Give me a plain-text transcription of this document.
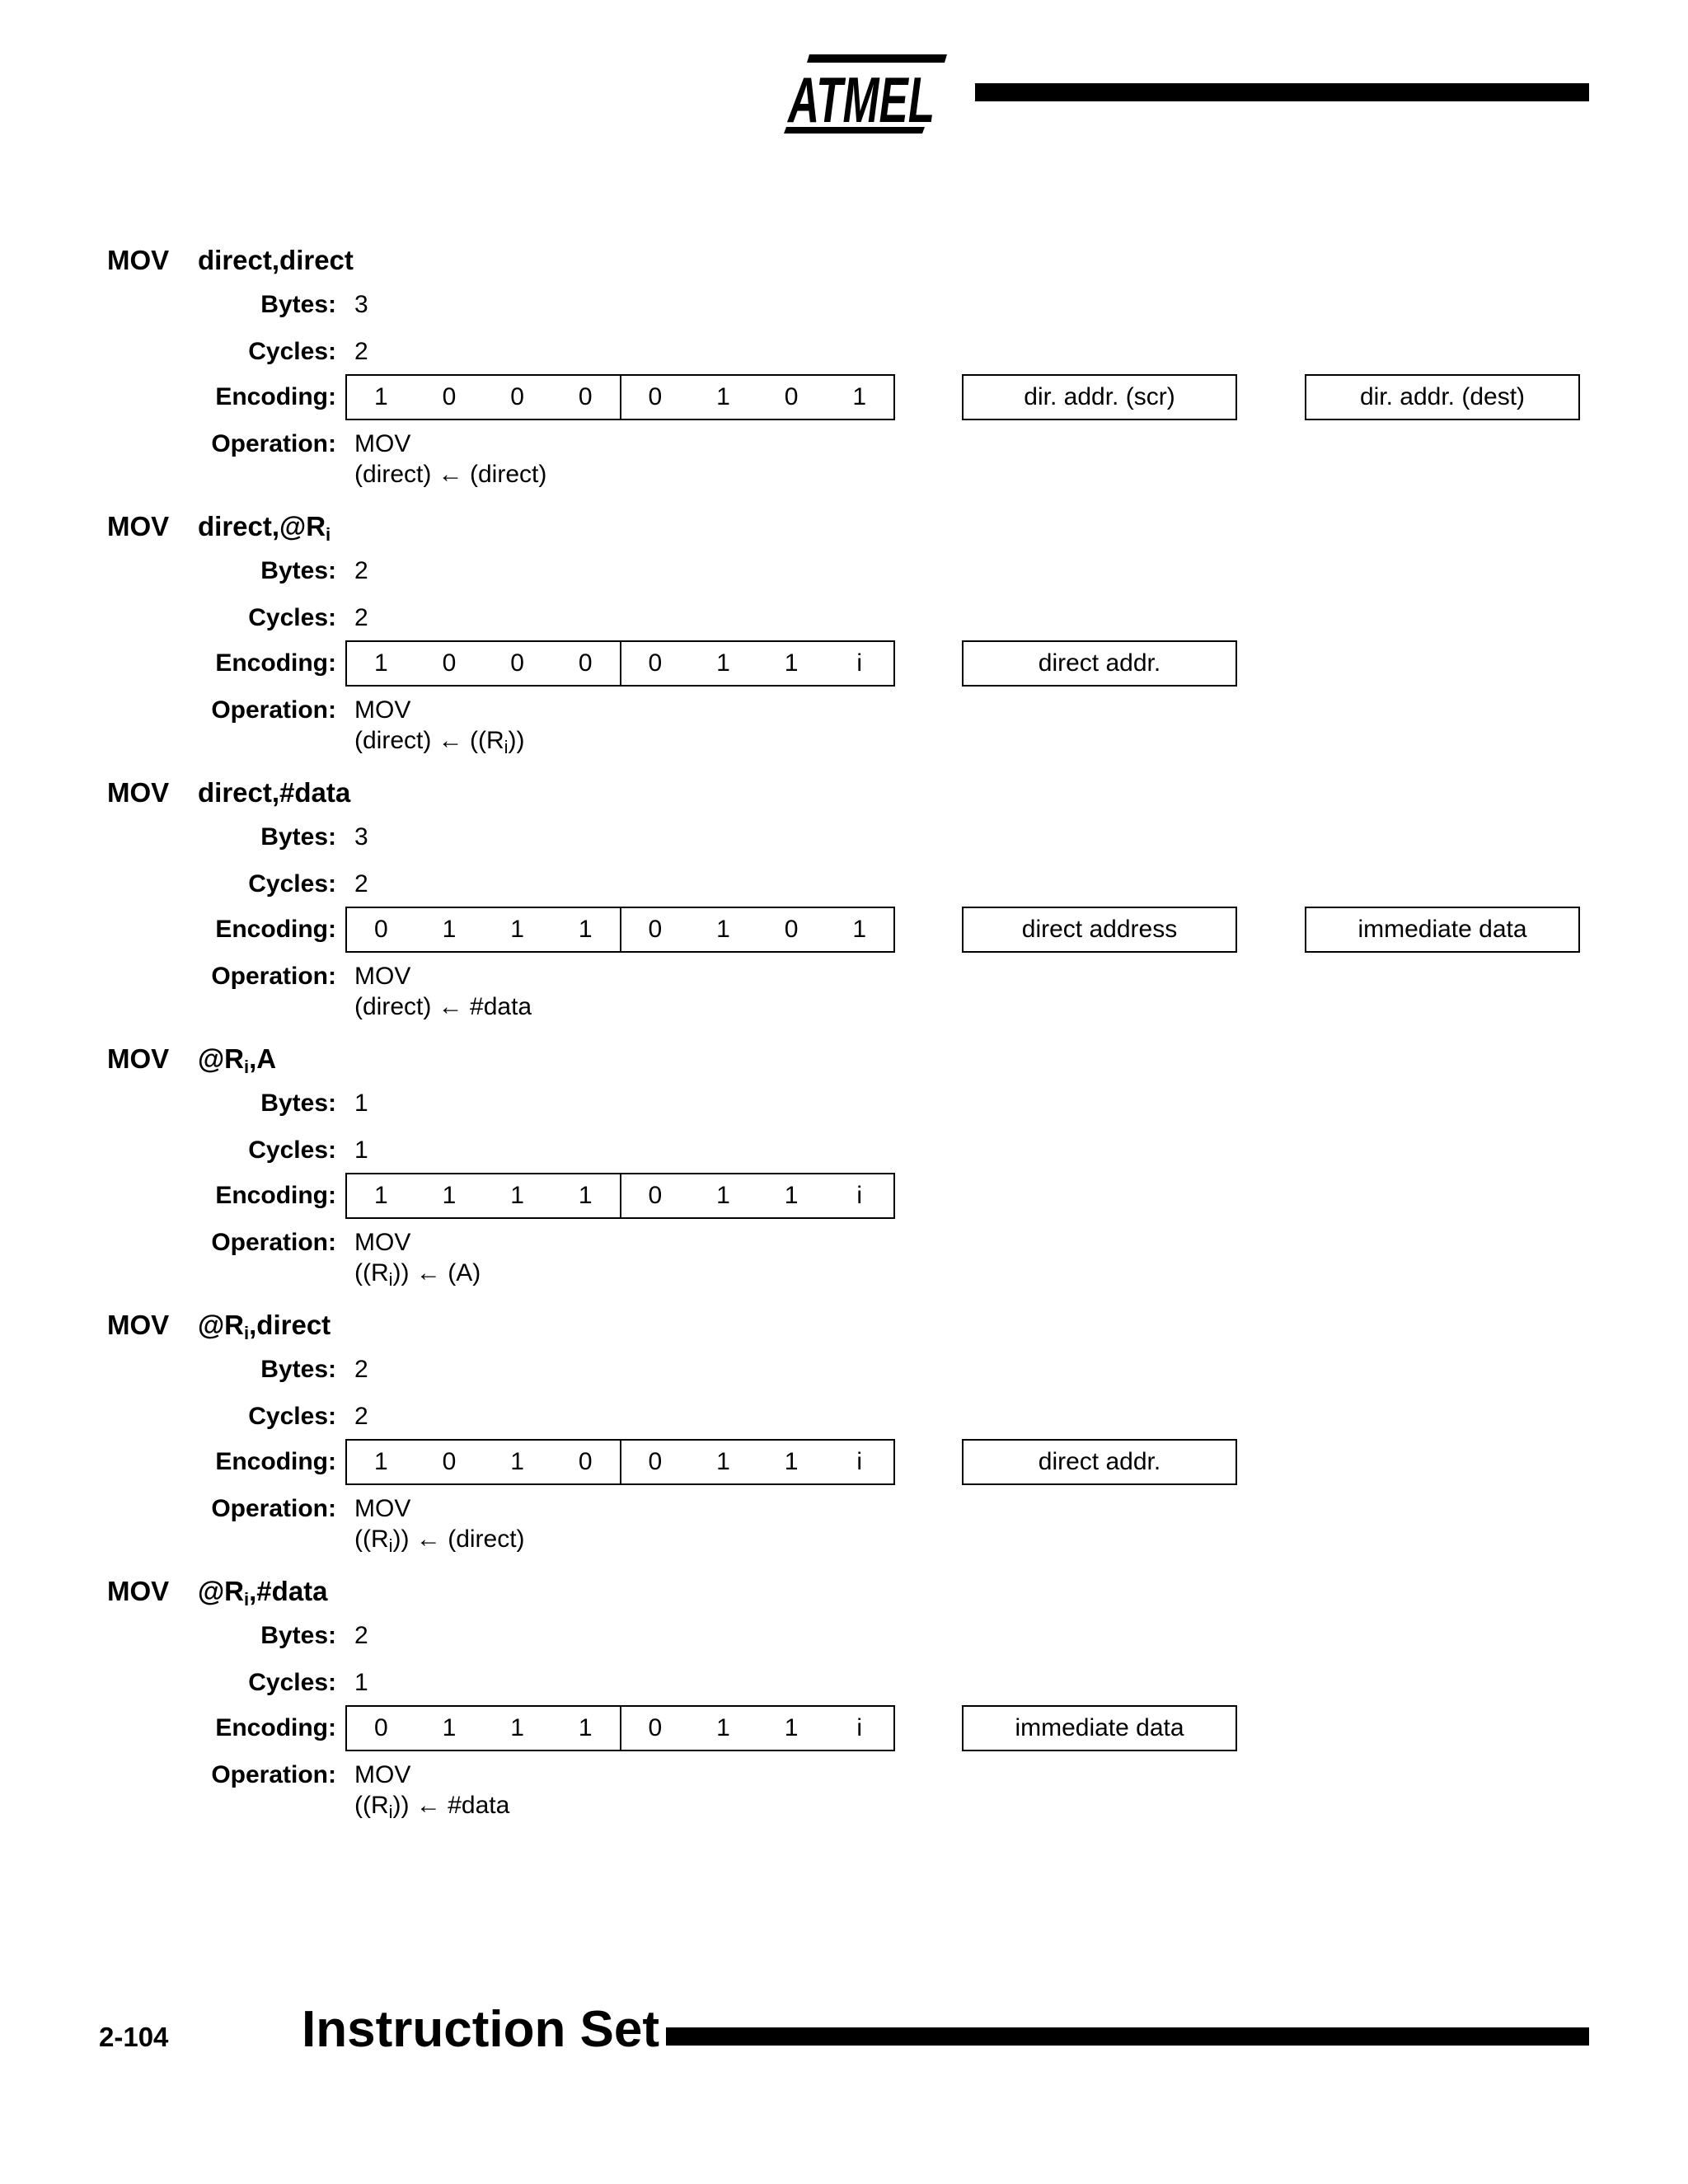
ATMEL
MOV direct,direct
Bytes: 3
Cycles: 2
Encoding:	1	0	0	0	0	1	0	1	dir. addr. (scr)	dir. addr. (dest)
Operation: MOV
(direct) ← (direct)
MOV $direct,@R_i$
Bytes: 2
Cycles: 2
Encoding:	1	0	0	0	0	1	1	i	direct addr.
Operation: MOV
(direct) ← $((R_i))$
MOV direct,#data
Bytes: 3
Cycles: 2
Encoding:	0	1	1	1	0	1	0	1	direct address	immediate data
Operation: MOV
(direct) ← #data
MOV $@R_i,A$
Bytes: 1
Cycles: 1
Encoding:	1	1	1	1	0	1	1	i
Operation: MOV
$((R_i))$ ← (A)
MOV $@R_i,direct$
Bytes: 2
Cycles: 2
Encoding:	1	0	1	0	0	1	1	i	direct addr.
Operation: MOV
$((R_i))$ ← (direct)
MOV $@R_i,\#data$
Bytes: 2
Cycles: 1
Encoding:	0	1	1	1	0	1	1	i	immediate data
Operation: MOV
$((R_i))$ ← #data
2-104	Instruction Set
